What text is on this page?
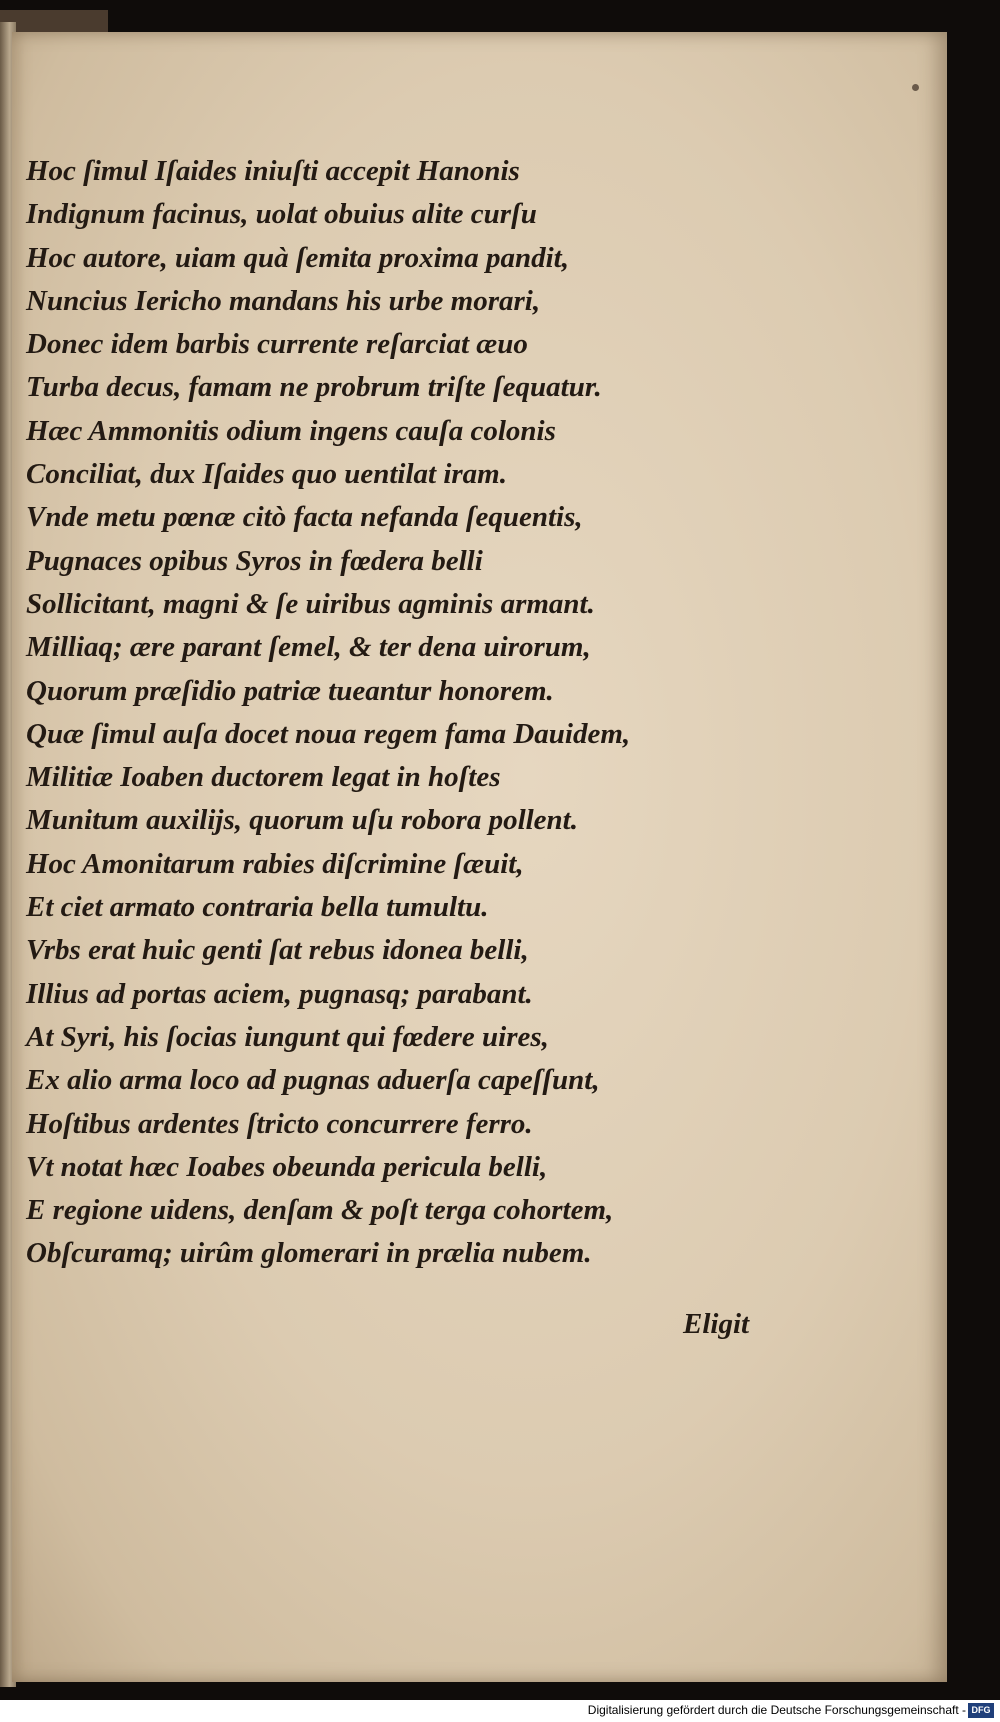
Hoc ſimul Iſaides iniuſti accepit Hanonis
Indignum facinus, uolat obuius alite curſu
Hoc autore, uiam quà ſemita proxima pandit,
Nuncius Iericho mandans his urbe morari,
Donec idem barbis currente reſarciat æuo
Turba decus, famam ne probrum triſte ſequatur.
Hæc Ammonitis odium ingens cauſa colonis
Conciliat, dux Iſaides quo uentilat iram.
Vnde metu pœnæ citò facta nefanda ſequentis,
Pugnaces opibus Syros in fœdera belli
Sollicitant, magni & ſe uiribus agminis armant.
Milliaq; ære parant ſemel, & ter dena uirorum,
Quorum præſidio patriæ tueantur honorem.
Quæ ſimul auſa docet noua regem fama Dauidem,
Militiæ Ioaben ductorem legat in hoſtes
Munitum auxilijs, quorum uſu robora pollent.
Hoc Amonitarum rabies diſcrimine ſæuit,
Et ciet armato contraria bella tumultu.
Vrbs erat huic genti ſat rebus idonea belli,
Illius ad portas aciem, pugnasq; parabant.
At Syri, his ſocias iungunt qui fœdere uires,
Ex alio arma loco ad pugnas aduerſa capeſſunt,
Hoſtibus ardentes ſtricto concurrere ferro.
Vt notat hæc Ioabes obeunda pericula belli,
E regione uidens, denſam & poſt terga cohortem,
Obſcuramq; uirûm glomerari in prælia nubem.
Eligit
Digitalisierung gefördert durch die Deutsche Forschungsgemeinschaft - DFG
